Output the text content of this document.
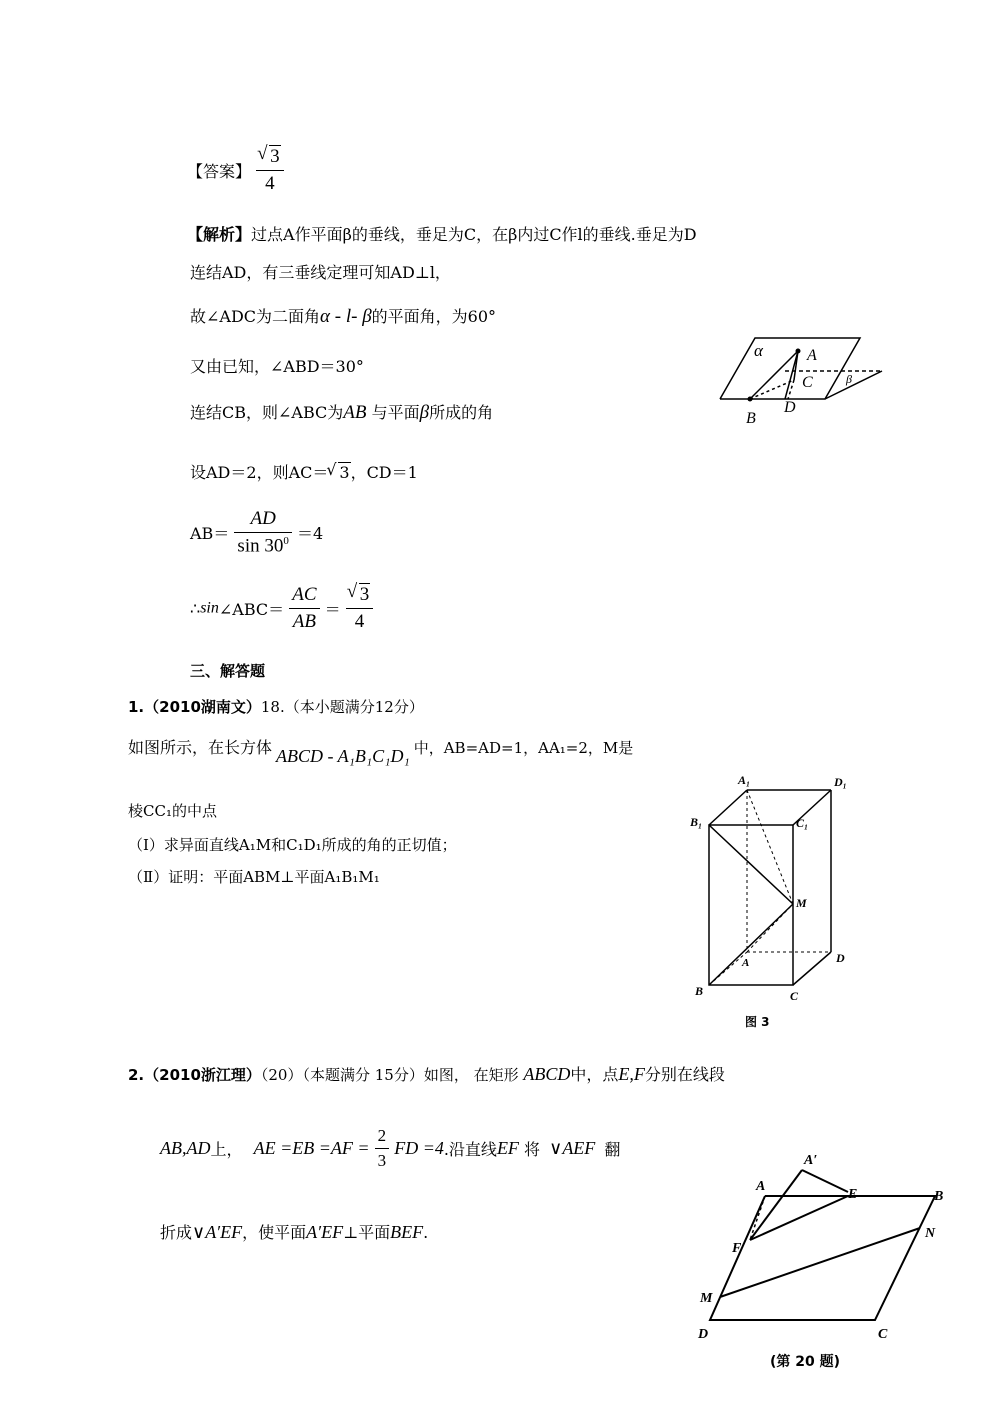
【答案】 √ $\frac{3}{4}$
【解析】过点A作平面β的垂线，垂足为C，在β内过C作l的垂线.垂足为D
连结AD，有三垂线定理可知AD⊥l，
故∠ADC为二面角α - l- β的平面角，为60°
又由已知，∠ABD＝30°
连结CB，则∠ABC为AB 与平面β所成的角
设AD＝2，则AC＝ √ 3，CD＝1
$AB= \frac{AD}{\sin 30^0} =4$
∴sin∠ABC＝ $\frac{AC}{AB}$ ＝ √ $\frac{3}{4}$
α	A
C	β
B
D
三、解答题
1.（2010湖南文）18.（本小题满分12分）
如图所示，在长方体 ABCD - A₁B₁C₁D₁ 中，AB=AD=1，AA₁=2，M是
棱CC₁的中点
（Ⅰ）求异面直线A₁M和C₁D₁所成的角的正切值；
（Ⅱ）证明：平面ABM⊥平面A₁B₁M₁
A₁	D₁
B₁	C₁
M
A	D
B	C
图 3
2.（2010浙江理）（20）（本题满分 15分）如图， 在矩形 ABCD中，点E,F分别在线段
AB,AD上， AE $=EB =AF = \frac{2}{3}$ FD =4.沿直线EF 将 ∨AEF 翻
折成∨A′EF，使平面A′EF⊥平面BEF.
A′
A
E	B
F
N
M
D	C
(第 20 题)
